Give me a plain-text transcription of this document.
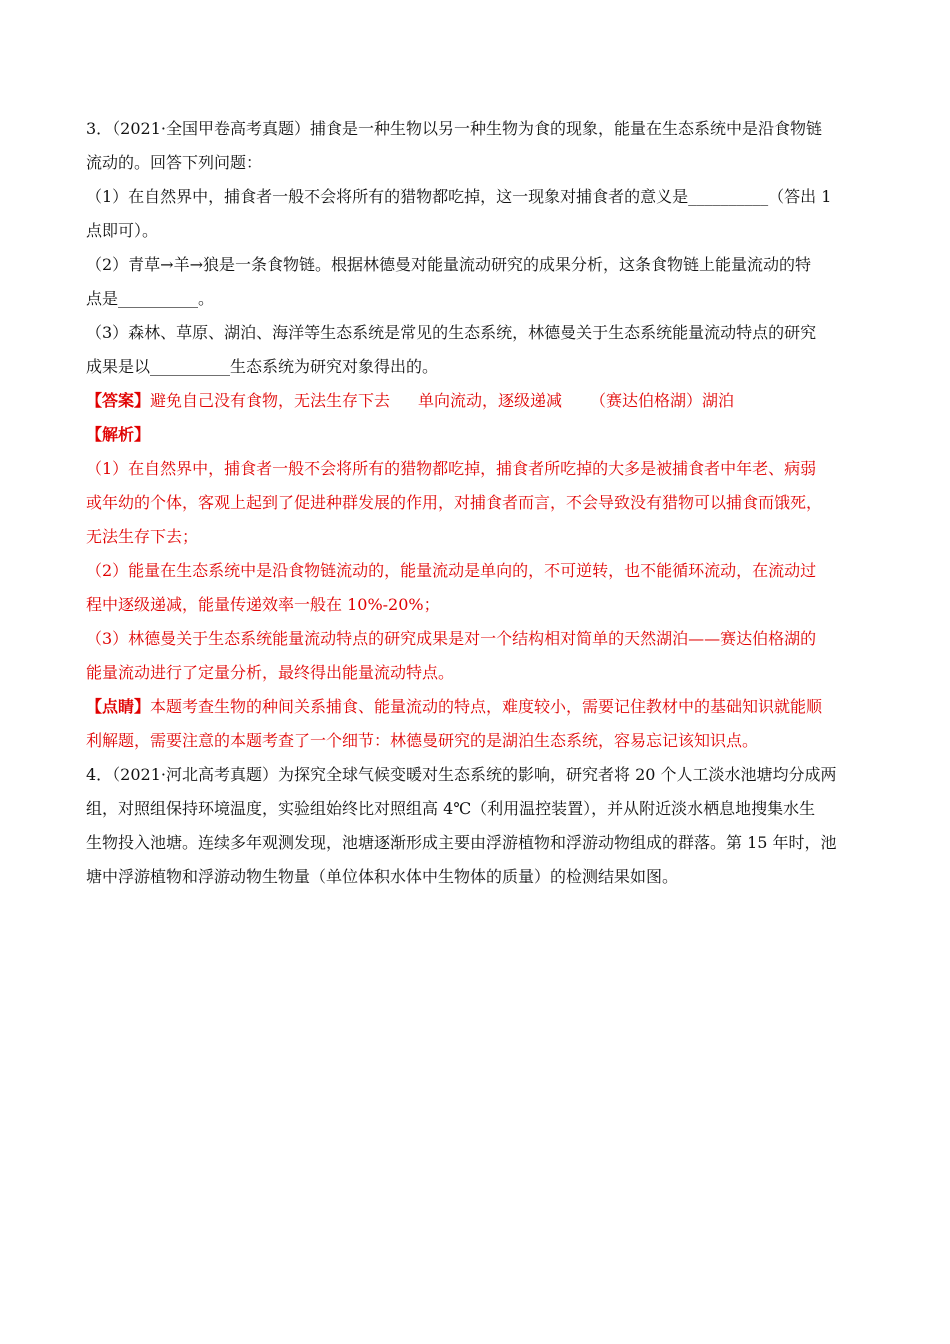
3．（2021·全国甲卷高考真题）捕食是一种生物以另一种生物为食的现象，能量在生态系统中是沿食物链
流动的。回答下列问题：
（1）在自然界中，捕食者一般不会将所有的猎物都吃掉，这一现象对捕食者的意义是__________（答出 1
点即可）。
（2）青草→羊→狼是一条食物链。根据林德曼对能量流动研究的成果分析，这条食物链上能量流动的特
点是__________。
（3）森林、草原、湖泊、海洋等生态系统是常见的生态系统，林德曼关于生态系统能量流动特点的研究
成果是以__________生态系统为研究对象得出的。
【答案】避免自己没有食物，无法生存下去 单向流动，逐级递减 （赛达伯格湖）湖泊
【解析】
（1）在自然界中，捕食者一般不会将所有的猎物都吃掉，捕食者所吃掉的大多是被捕食者中年老、病弱
或年幼的个体，客观上起到了促进种群发展的作用，对捕食者而言，不会导致没有猎物可以捕食而饿死，
无法生存下去；
（2）能量在生态系统中是沿食物链流动的，能量流动是单向的，不可逆转，也不能循环流动，在流动过
程中逐级递减，能量传递效率一般在 10%-20%；
（3）林德曼关于生态系统能量流动特点的研究成果是对一个结构相对简单的天然湖泊——赛达伯格湖的
能量流动进行了定量分析，最终得出能量流动特点。
【点睛】本题考查生物的种间关系捕食、能量流动的特点，难度较小，需要记住教材中的基础知识就能顺
利解题，需要注意的本题考查了一个细节：林德曼研究的是湖泊生态系统，容易忘记该知识点。
4．（2021·河北高考真题）为探究全球气候变暖对生态系统的影响，研究者将 20 个人工淡水池塘均分成两
组，对照组保持环境温度，实验组始终比对照组高 4℃（利用温控装置），并从附近淡水栖息地搜集水生
生物投入池塘。连续多年观测发现，池塘逐渐形成主要由浮游植物和浮游动物组成的群落。第 15 年时，池
塘中浮游植物和浮游动物生物量（单位体积水体中生物体的质量）的检测结果如图。
